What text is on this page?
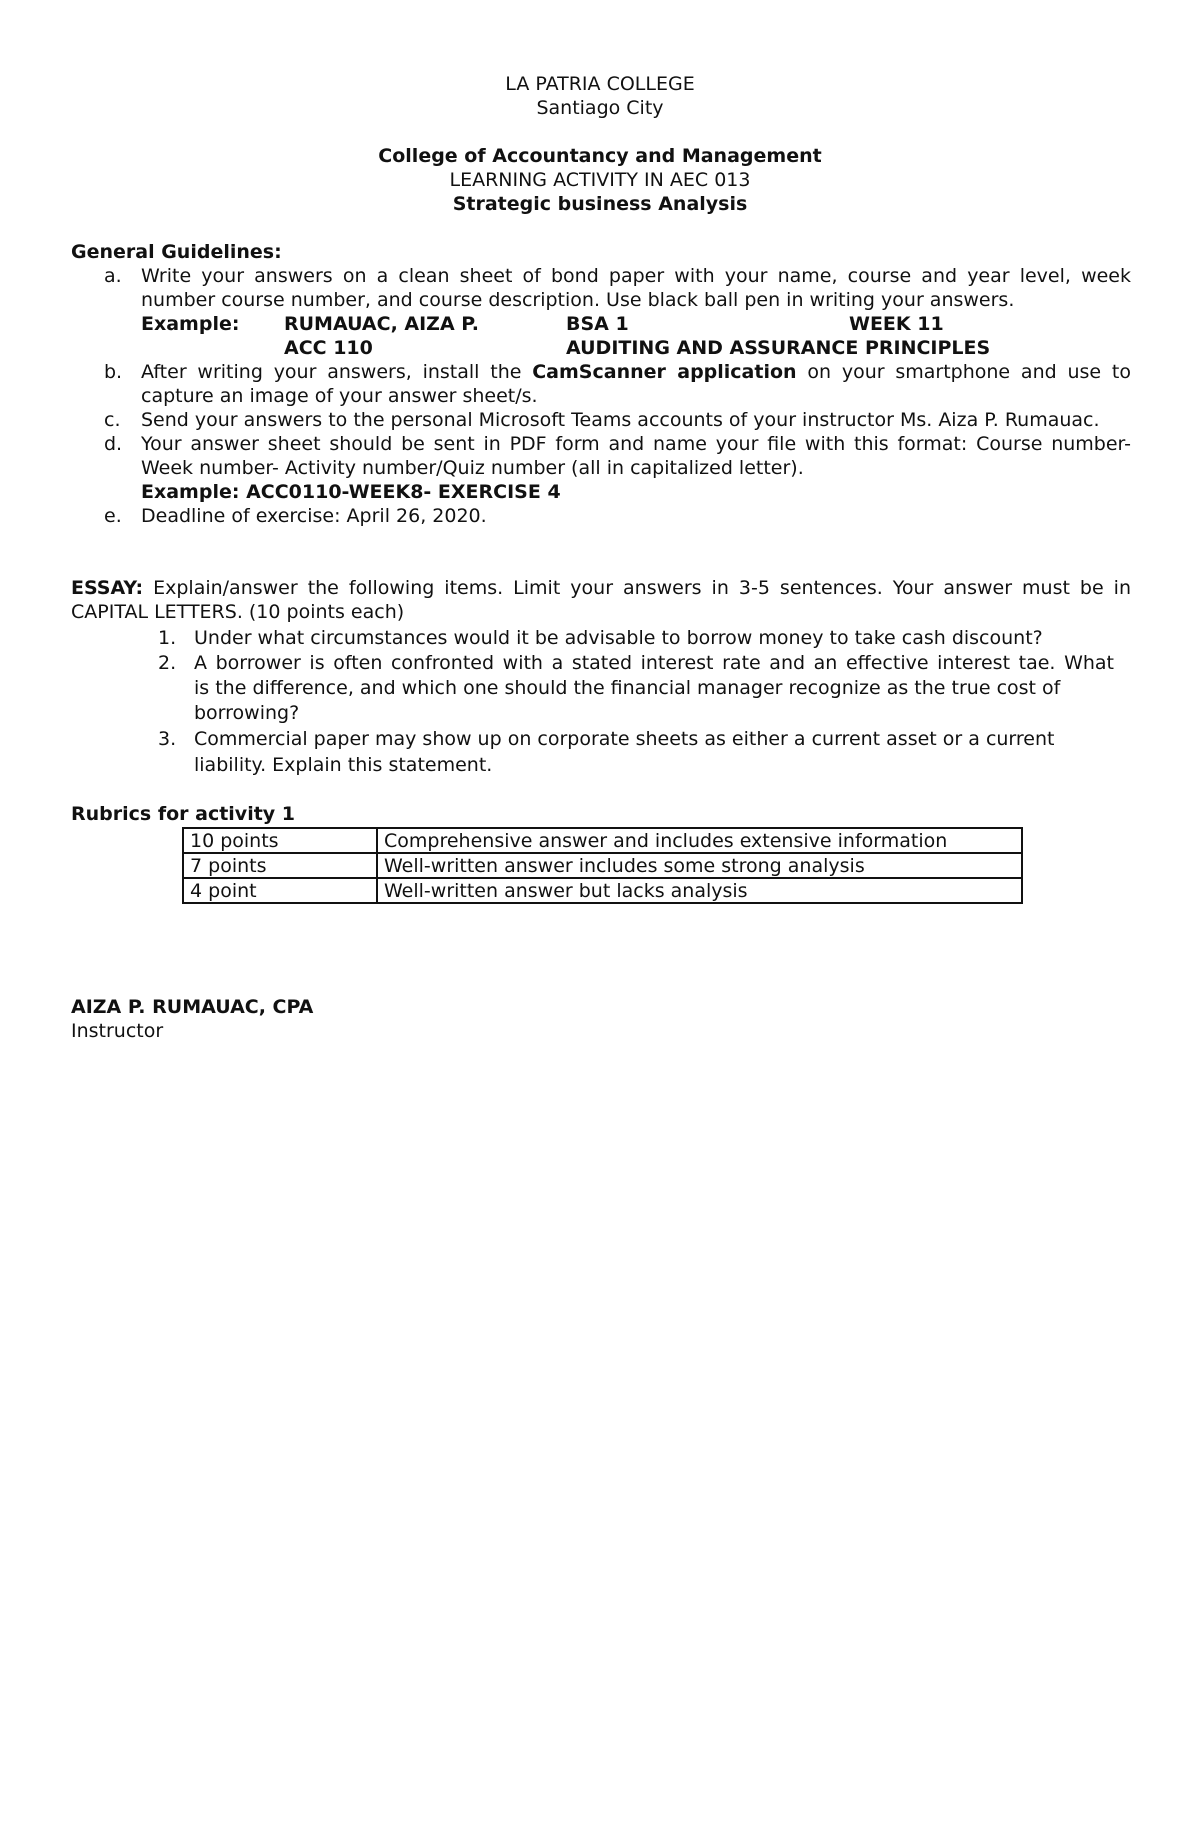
LA PATRIA COLLEGE
Santiago City
College of Accountancy and Management
LEARNING ACTIVITY IN AEC 013
Strategic business Analysis
General Guidelines:
a. Write your answers on a clean sheet of bond paper with your name, course and year level, week
number course number, and course description. Use black ball pen in writing your answers.
Example: RUMAUAC, AIZA P.	BSA 1	WEEK 11
ACC 110	AUDITING AND ASSURANCE PRINCIPLES
b. After writing your answers, install the CamScanner application on your smartphone and use to
capture an image of your answer sheet/s.
c. Send your answers to the personal Microsoft Teams accounts of your instructor Ms. Aiza P. Rumauac.
d. Your answer sheet should be sent in PDF form and name your file with this format: Course number-
Week number- Activity number/Quiz number (all in capitalized letter).
Example: ACC0110-WEEK8- EXERCISE 4
e. Deadline of exercise: April 26, 2020.
ESSAY: Explain/answer the following items. Limit your answers in 3-5 sentences. Your answer must be in
CAPITAL LETTERS. (10 points each)
1. Under what circumstances would it be advisable to borrow money to take cash discount?
2. A borrower is often confronted with a stated interest rate and an effective interest tae. What
is the difference, and which one should the financial manager recognize as the true cost of
borrowing?
3. Commercial paper may show up on corporate sheets as either a current asset or a current
liability. Explain this statement.
Rubrics for activity 1
10 points	Comprehensive answer and includes extensive information
7 points	Well-written answer includes some strong analysis
4 point	Well-written answer but lacks analysis
AIZA P. RUMAUAC, CPA
Instructor
